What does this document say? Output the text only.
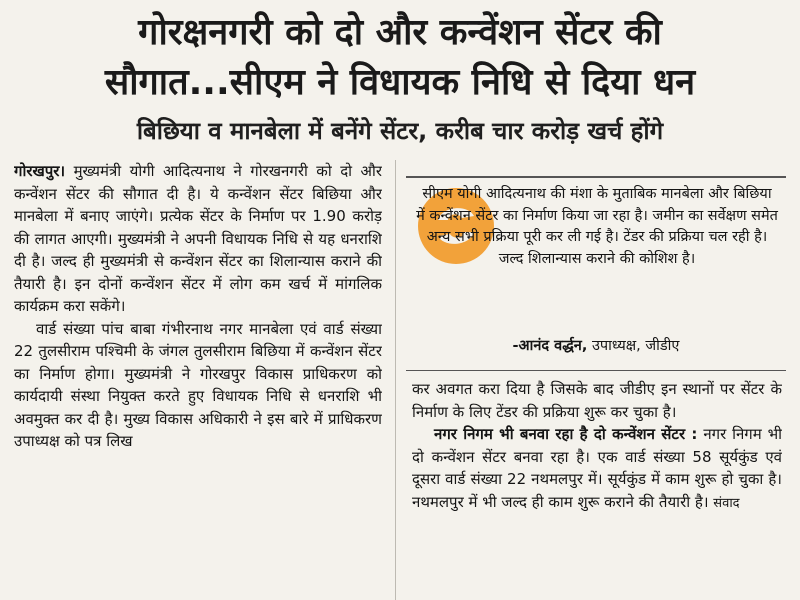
गोरक्षनगरी को दो और कन्वेंशन सेंटर की
सौगात...सीएम ने विधायक निधि से दिया धन
बिछिया व मानबेला में बनेंगे सेंटर, करीब चार करोड़ खर्च होंगे

गोरखपुर। मुख्यमंत्री योगी आदित्यनाथ ने गोरखनगरी को दो और कन्वेंशन सेंटर की सौगात दी है। ये कन्वेंशन सेंटर बिछिया और मानबेला में बनाए जाएंगे। प्रत्येक सेंटर के निर्माण पर 1.90 करोड़ की लागत आएगी। मुख्यमंत्री ने अपनी विधायक निधि से यह धनराशि दी है। जल्द ही मुख्यमंत्री से कन्वेंशन सेंटर का शिलान्यास कराने की तैयारी है। इन दोनों कन्वेंशन सेंटर में लोग कम खर्च में मांगलिक कार्यक्रम करा सकेंगे।

वार्ड संख्या पांच बाबा गंभीरनाथ नगर मानबेला एवं वार्ड संख्या 22 तुलसीराम पश्चिमी के जंगल तुलसीराम बिछिया में कन्वेंशन सेंटर का निर्माण होगा। मुख्यमंत्री ने गोरखपुर विकास प्राधिकरण को कार्यदायी संस्था नियुक्त करते हुए विधायक निधि से धनराशि भी अवमुक्त कर दी है। मुख्य विकास अधिकारी ने इस बारे में प्राधिकरण उपाध्यक्ष को पत्र लिख

सीएम योगी आदित्यनाथ की मंशा के मुताबिक मानबेला और बिछिया में कन्वेंशन सेंटर का निर्माण किया जा रहा है। जमीन का सर्वेक्षण समेत अन्य सभी प्रक्रिया पूरी कर ली गई है। टेंडर की प्रक्रिया चल रही है। जल्द शिलान्यास कराने की कोशिश है।
-आनंद वर्द्धन, उपाध्यक्ष, जीडीए

कर अवगत करा दिया है जिसके बाद जीडीए इन स्थानों पर सेंटर के निर्माण के लिए टेंडर की प्रक्रिया शुरू कर चुका है।

नगर निगम भी बनवा रहा है दो कन्वेंशन सेंटर : नगर निगम भी दो कन्वेंशन सेंटर बनवा रहा है। एक वार्ड संख्या 58 सूर्यकुंड एवं दूसरा वार्ड संख्या 22 नथमलपुर में। सूर्यकुंड में काम शुरू हो चुका है। नथमलपुर में भी जल्द ही काम शुरू कराने की तैयारी है। संवाद
